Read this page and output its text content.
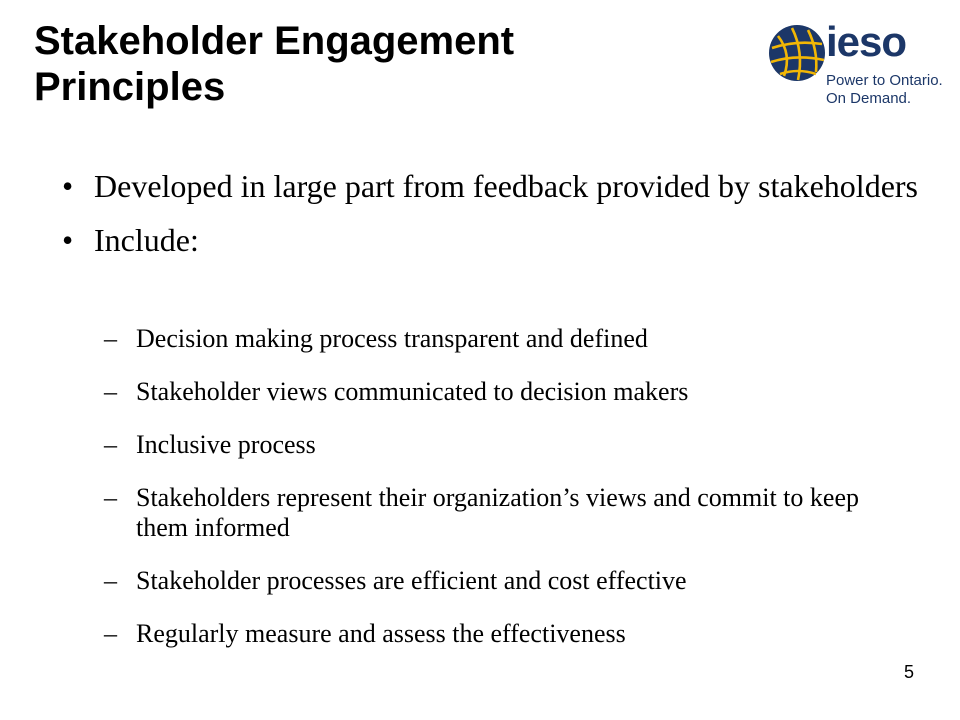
Stakeholder Engagement
Principles
ieso
Power to Ontario.
On Demand.
• Developed in large part from feedback provided by stakeholders
• Include:
– Decision making process transparent and defined
– Stakeholder views communicated to decision makers
– Inclusive process
– Stakeholders represent their organization’s views and commit to keep them informed
– Stakeholder processes are efficient and cost effective
– Regularly measure and assess the effectiveness
5
